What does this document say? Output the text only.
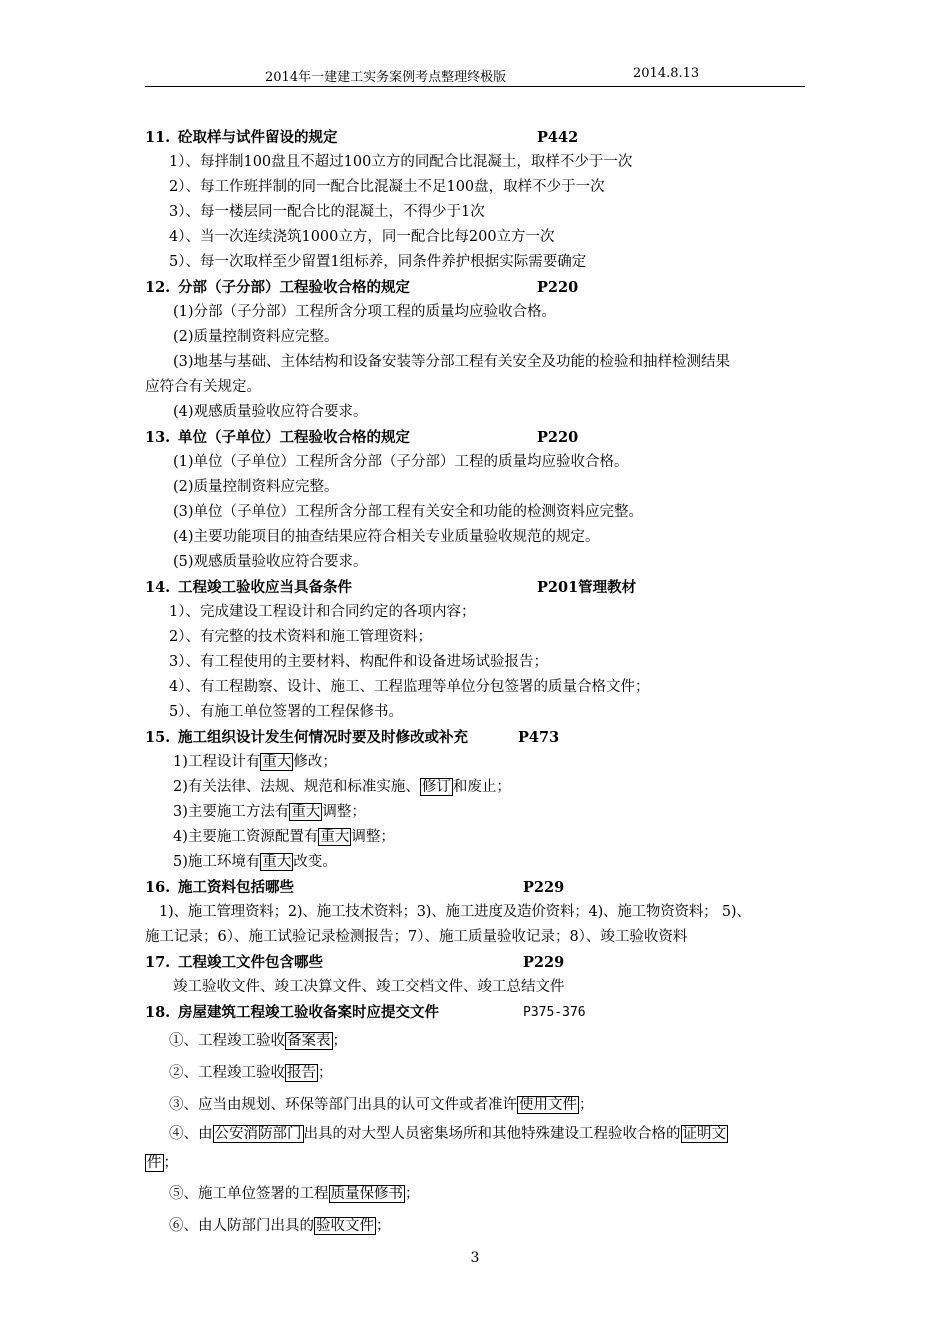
2014年一建建工实务案例考点整理终极版	2014.8.13
11. 砼取样与试件留设的规定	P442
1）、每拌制100盘且不超过100立方的同配合比混凝土，取样不少于一次
2）、每工作班拌制的同一配合比混凝土不足100盘，取样不少于一次
3）、每一楼层同一配合比的混凝土，不得少于1次
4）、当一次连续浇筑1000立方，同一配合比每200立方一次
5）、每一次取样至少留置1组标养，同条件养护根据实际需要确定
12. 分部（子分部）工程验收合格的规定	P220
(1)分部（子分部）工程所含分项工程的质量均应验收合格。
(2)质量控制资料应完整。
(3)地基与基础、主体结构和设备安装等分部工程有关安全及功能的检验和抽样检测结果
应符合有关规定。
(4)观感质量验收应符合要求。
13. 单位（子单位）工程验收合格的规定	P220
(1)单位（子单位）工程所含分部（子分部）工程的质量均应验收合格。
(2)质量控制资料应完整。
(3)单位（子单位）工程所含分部工程有关安全和功能的检测资料应完整。
(4)主要功能项目的抽查结果应符合相关专业质量验收规范的规定。
(5)观感质量验收应符合要求。
14. 工程竣工验收应当具备条件	P201管理教材
1）、完成建设工程设计和合同约定的各项内容；
2）、有完整的技术资料和施工管理资料；
3）、有工程使用的主要材料、构配件和设备进场试验报告；
4）、有工程勘察、设计、施工、工程监理等单位分包签署的质量合格文件；
5）、有施工单位签署的工程保修书。
15. 施工组织设计发生何情况时要及时修改或补充	P473
1)工程设计有 重大 修改；
2)有关法律、法规、规范和标准实施、 修订 和废止；
3)主要施工方法有 重大 调整；
4)主要施工资源配置有 重大 调整；
5)施工环境有 重大 改变。
16. 施工资料包括哪些	P229
1)、施工管理资料；2)、施工技术资料；3)、施工进度及造价资料；4)、施工物资资料； 5)、
施工记录；6）、施工试验记录检测报告；7）、施工质量验收记录；8）、竣工验收资料
17. 工程竣工文件包含哪些	P229
竣工验收文件、竣工决算文件、竣工交档文件、竣工总结文件
18. 房屋建筑工程竣工验收备案时应提交文件	P375-376
①、工程竣工验收 备案表 ；
②、工程竣工验收 报告 ；
③、应当由规划、环保等部门出具的认可文件或者准许 使用文件 ；
④、由 公安消防部门 出具的对大型人员密集场所和其他特殊建设工程验收合格的 证明文
件 ；
⑤、施工单位签署的工程 质量保修书 ；
⑥、由人防部门出具的 验收文件 ；
3
